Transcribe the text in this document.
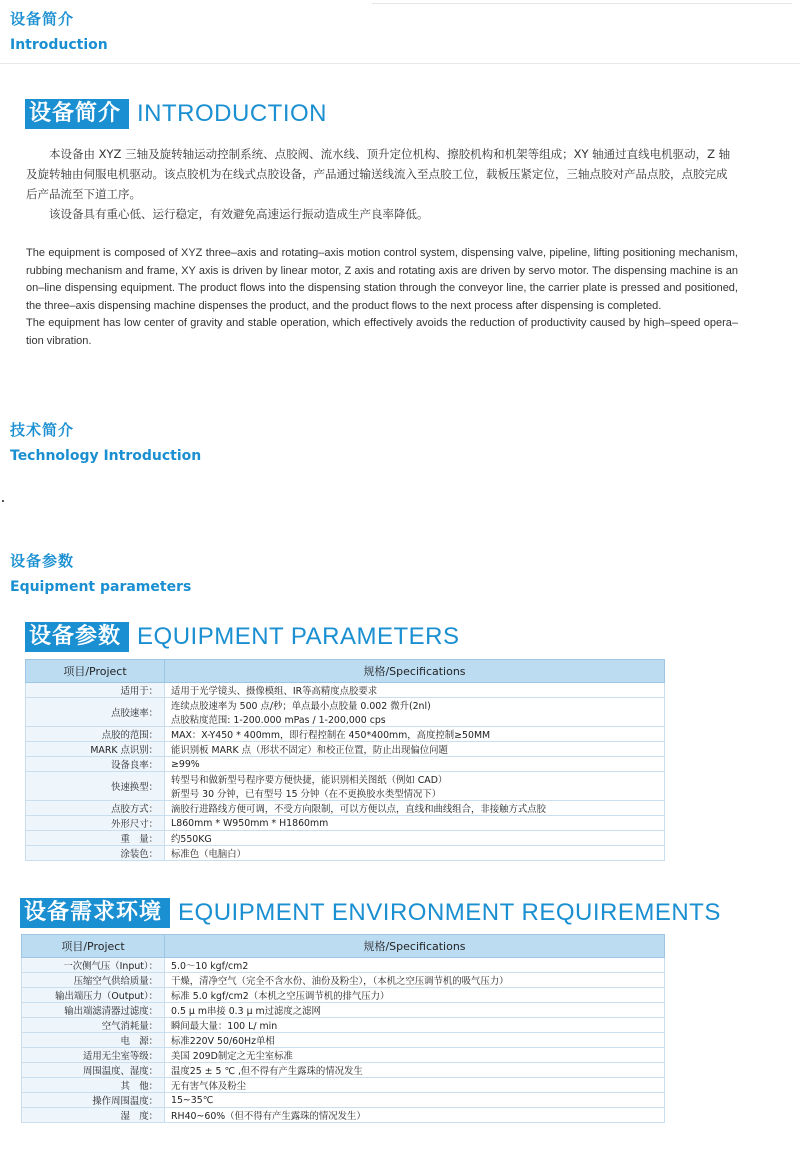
设备简介
Introduction
设备简介 INTRODUCTION

本设备由 XYZ 三轴及旋转轴运动控制系统、点胶阀、流水线、顶升定位机构、擦胶机构和机架等组成；XY 轴通过直线电机驱动，Z 轴及旋转轴由伺服电机驱动。该点胶机为在线式点胶设备，产品通过输送线流入至点胶工位，载板压紧定位，三轴点胶对产品点胶，点胶完成后产品流至下道工序。

该设备具有重心低、运行稳定，有效避免高速运行振动造成生产良率降低。

The equipment is composed of XYZ three–axis and rotating–axis motion control system, dispensing valve, pipeline, lifting positioning mechanism, rubbing mechanism and frame, XY axis is driven by linear motor, Z axis and rotating axis are driven by servo motor. The dispensing machine is an on–line dispensing equipment. The product flows into the dispensing station through the conveyor line, the carrier plate is pressed and positioned, the three–axis dispensing machine dispenses the product, and the product flows to the next process after dispensing is completed.

The equipment has low center of gravity and stable operation, which effectively avoids the reduction of productivity caused by high–speed opera– tion vibration.

技术简介
Technology Introduction
设备参数
Equipment parameters
设备参数 EQUIPMENT PARAMETERS
项目/Project	规格/Specifications
适用于：	适用于光学镜头、摄像模组、IR等高精度点胶要求

点胶速率：	连续点胶速率为 500 点/秒；单点最小点胶量 0.002 微升(2nl)
点胶粘度范围: 1-200.000 mPas / 1-200,000 cps

点胶的范围：	MAX：X-Y450 * 400mm，即行程控制在 450*400mm，高度控制≥50MM

MARK 点识别：	能识别板 MARK 点（形状不固定）和校正位置，防止出现偏位问题

设备良率：	≥99%

快速换型：	转型号和做新型号程序要方便快捷，能识别相关图纸（例如 CAD）
新型号 30 分钟，已有型号 15 分钟（在不更换胶水类型情况下）

点胶方式：	滴胶行进路线方便可调，不受方向限制，可以方便以点，直线和曲线组合，非接触方式点胶

外形尺寸：	L860mm * W950mm * H1860mm

重　量：	约550KG

涂装色：	标准色（电脑白）
设备需求环境 EQUIPMENT ENVIRONMENT REQUIREMENTS
项目/Project	规格/Specifications
一次侧气压（Input）：	5.0～10 kgf/cm2
压缩空气供给质量：	干燥，清净空气（完全不含水份、油份及粉尘），（本机之空压调节机的吸气压力）
输出端压力（Output）：	标准 5.0 kgf/cm2（本机之空压调节机的排气压力）
输出端滤清器过滤度：	0.5 μ m串接 0.3 μ m过滤度之滤网
空气消耗量：	瞬间最大量：100 L/ min
电　源：	标准220V 50/60Hz单相
适用无尘室等级：	美国 209D制定之无尘室标准
周围温度、湿度：	温度25 ± 5 ℃ ,但不得有产生露珠的情况发生
其　他：	无有害气体及粉尘
操作周围温度：	15~35℃
湿　度：	RH40~60%（但不得有产生露珠的情况发生）
